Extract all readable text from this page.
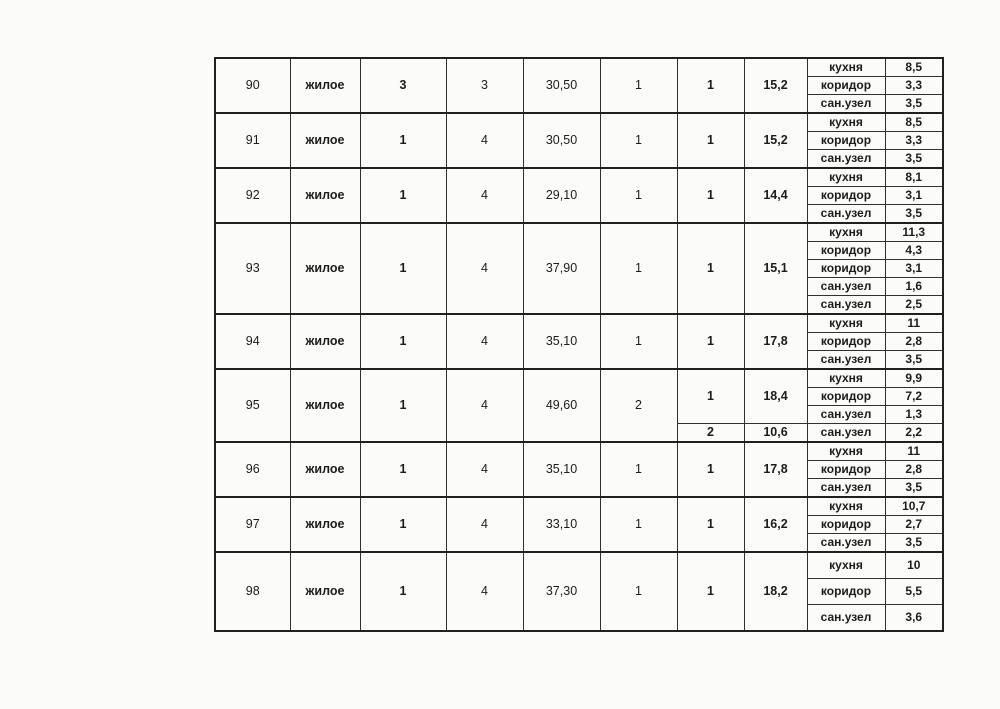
90	жилое	3	3	30,50	1	1	15,2	кухня	8,5
								коридор	3,3
								сан.узел	3,5
91	жилое	1	4	30,50	1	1	15,2	кухня	8,5
								коридор	3,3
								сан.узел	3,5
92	жилое	1	4	29,10	1	1	14,4	кухня	8,1
								коридор	3,1
								сан.узел	3,5
93	жилое	1	4	37,90	1	1	15,1	кухня	11,3
								коридор	4,3
								коридор	3,1
								сан.узел	1,6
								сан.узел	2,5
94	жилое	1	4	35,10	1	1	17,8	кухня	11
								коридор	2,8
								сан.узел	3,5
95	жилое	1	4	49,60	2	1	18,4	кухня	9,9
								коридор	7,2
								сан.узел	1,3
						2	10,6	сан.узел	2,2
96	жилое	1	4	35,10	1	1	17,8	кухня	11
								коридор	2,8
								сан.узел	3,5
97	жилое	1	4	33,10	1	1	16,2	кухня	10,7
								коридор	2,7
								сан.узел	3,5
98	жилое	1	4	37,30	1	1	18,2	кухня	10
								коридор	5,5
								сан.узел	3,6
